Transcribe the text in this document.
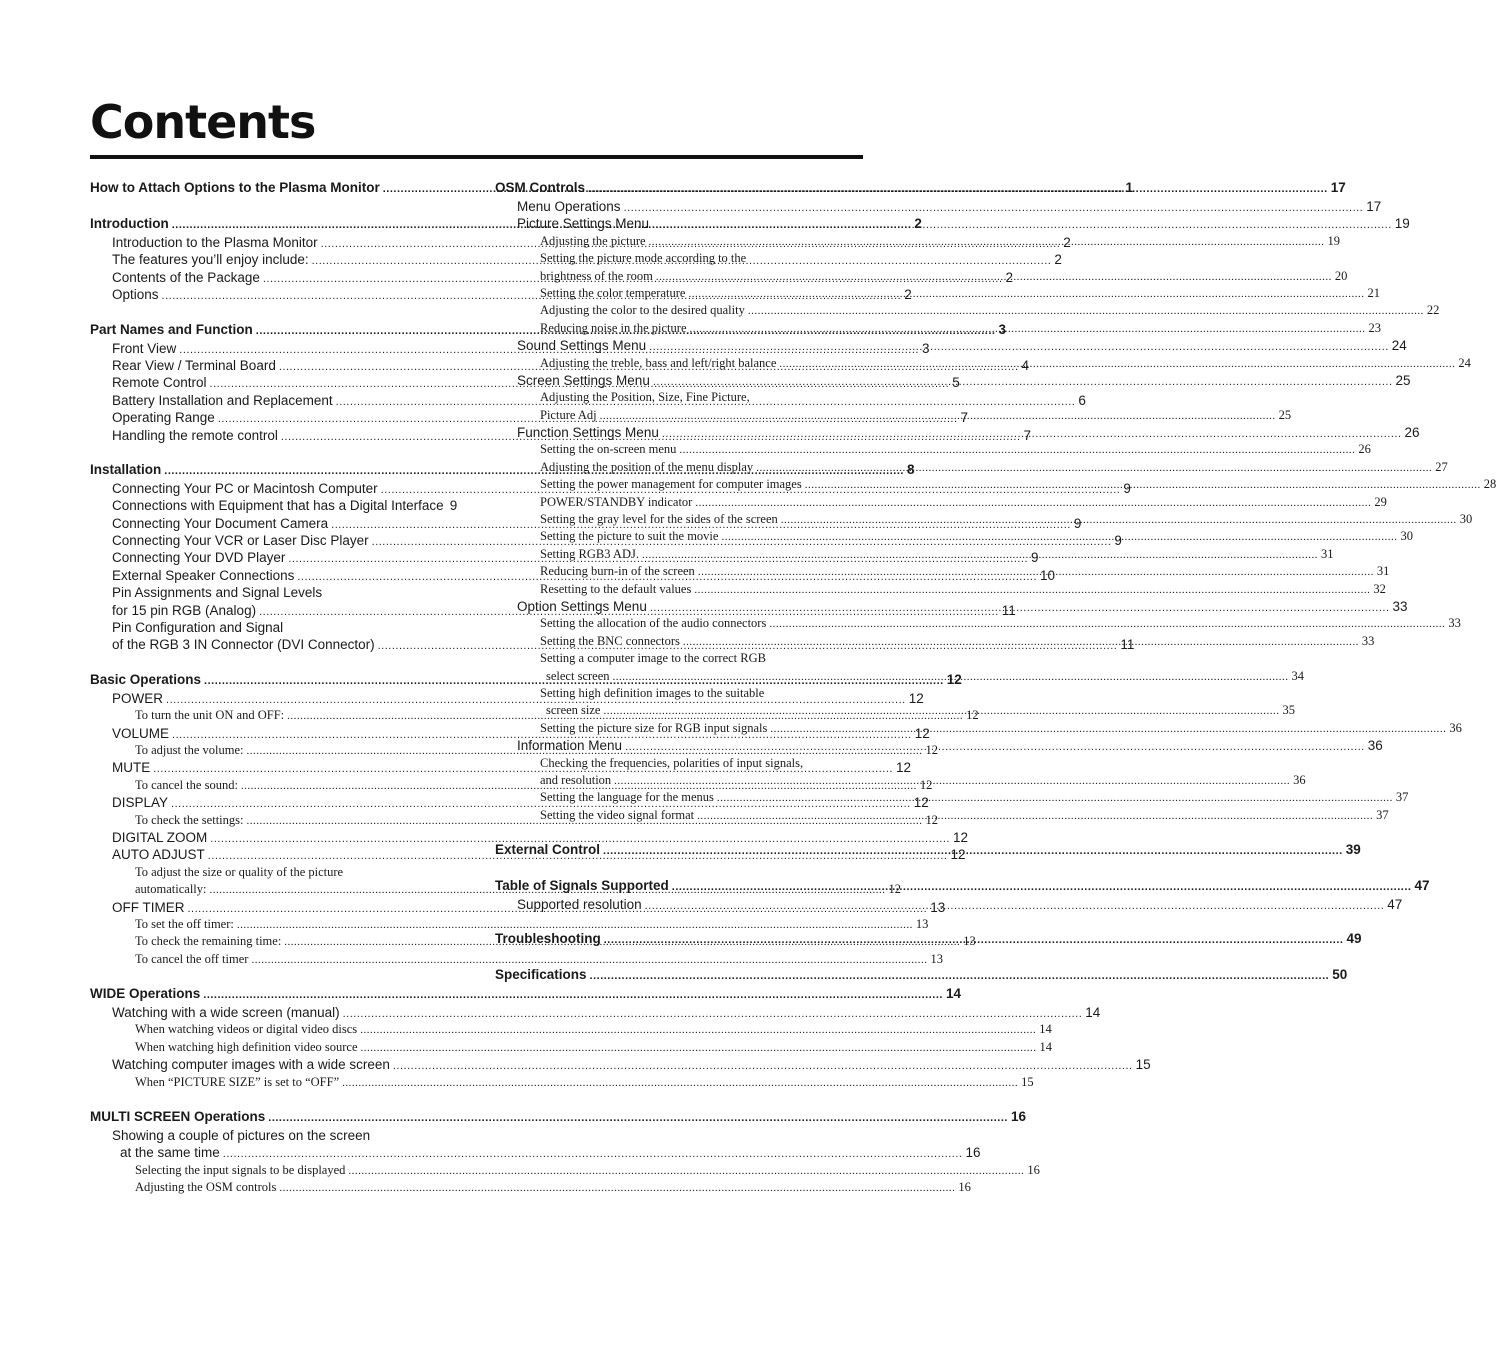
Contents
How to Attach Options to the Plasma Monitor .....	1
Introduction .....	2
Introduction to the Plasma Monitor .....	2
The features you’ll enjoy include: .....	2
Contents of the Package .....	2
Options .....	2
Part Names and Function .....	3
Front View .....	3
Rear View / Terminal Board .....	4
Remote Control .....	5
Battery Installation and Replacement .....	6
Operating Range .....	7
Handling the remote control .....	7
Installation .....	8
Connecting Your PC or Macintosh Computer .....	9
Connections with Equipment that has a Digital Interface 9
Connecting Your Document Camera .....	9
Connecting Your VCR or Laser Disc Player .....	9
Connecting Your DVD Player .....	9
External Speaker Connections .....	10
Pin Assignments and Signal Levels
for 15 pin RGB (Analog) .....	11
Pin Configuration and Signal
of the RGB 3 IN Connector (DVI Connector) .....	11
Basic Operations .....	12
POWER .....	12
To turn the unit ON and OFF: .....	12
VOLUME .....	12
To adjust the volume: .....	12
MUTE .....	12
To cancel the sound: .....	12
DISPLAY .....	12
To check the settings: .....	12
DIGITAL ZOOM .....	12
AUTO ADJUST .....	12
To adjust the size or quality of the picture
automatically: .....	12
OFF TIMER .....	13
To set the off timer: .....	13
To check the remaining time: .....	13
To cancel the off timer .....	13
WIDE Operations .....	14
Watching with a wide screen (manual) .....	14
When watching videos or digital video discs .....	14
When watching high definition video source .....	14
Watching computer images with a wide screen .....	15
When “PICTURE SIZE” is set to “OFF” .....	15
MULTI SCREEN Operations .....	16
Showing a couple of pictures on the screen
at the same time .....	16
Selecting the input signals to be displayed .....	16
Adjusting the OSM controls .....	16
OSM Controls .....	17
Menu Operations .....	17
Picture Settings Menu .....	19
Adjusting the picture .....	19
Setting the picture mode according to the
brightness of the room .....	20
Setting the color temperature .....	21
Adjusting the color to the desired quality .....	22
Reducing noise in the picture .....	23
Sound Settings Menu .....	24
Adjusting the treble, bass and left/right balance .....	24
Screen Settings Menu .....	25
Adjusting the Position, Size, Fine Picture,
Picture Adj .....	25
Function Settings Menu .....	26
Setting the on-screen menu .....	26
Adjusting the position of the menu display .....	27
Setting the power management for computer images .....	28
POWER/STANDBY indicator .....	29
Setting the gray level for the sides of the screen .....	30
Setting the picture to suit the movie .....	30
Setting RGB3 ADJ. .....	31
Reducing burn-in of the screen .....	31
Resetting to the default values .....	32
Option Settings Menu .....	33
Setting the allocation of the audio connectors .....	33
Setting the BNC connectors .....	33
Setting a computer image to the correct RGB
select screen .....	34
Setting high definition images to the suitable
screen size .....	35
Setting the picture size for RGB input signals .....	36
Information Menu .....	36
Checking the frequencies, polarities of input signals,
and resolution .....	36
Setting the language for the menus .....	37
Setting the video signal format .....	37
External Control .....	39
Table of Signals Supported .....	47
Supported resolution .....	47
Troubleshooting .....	49
Specifications .....	50
